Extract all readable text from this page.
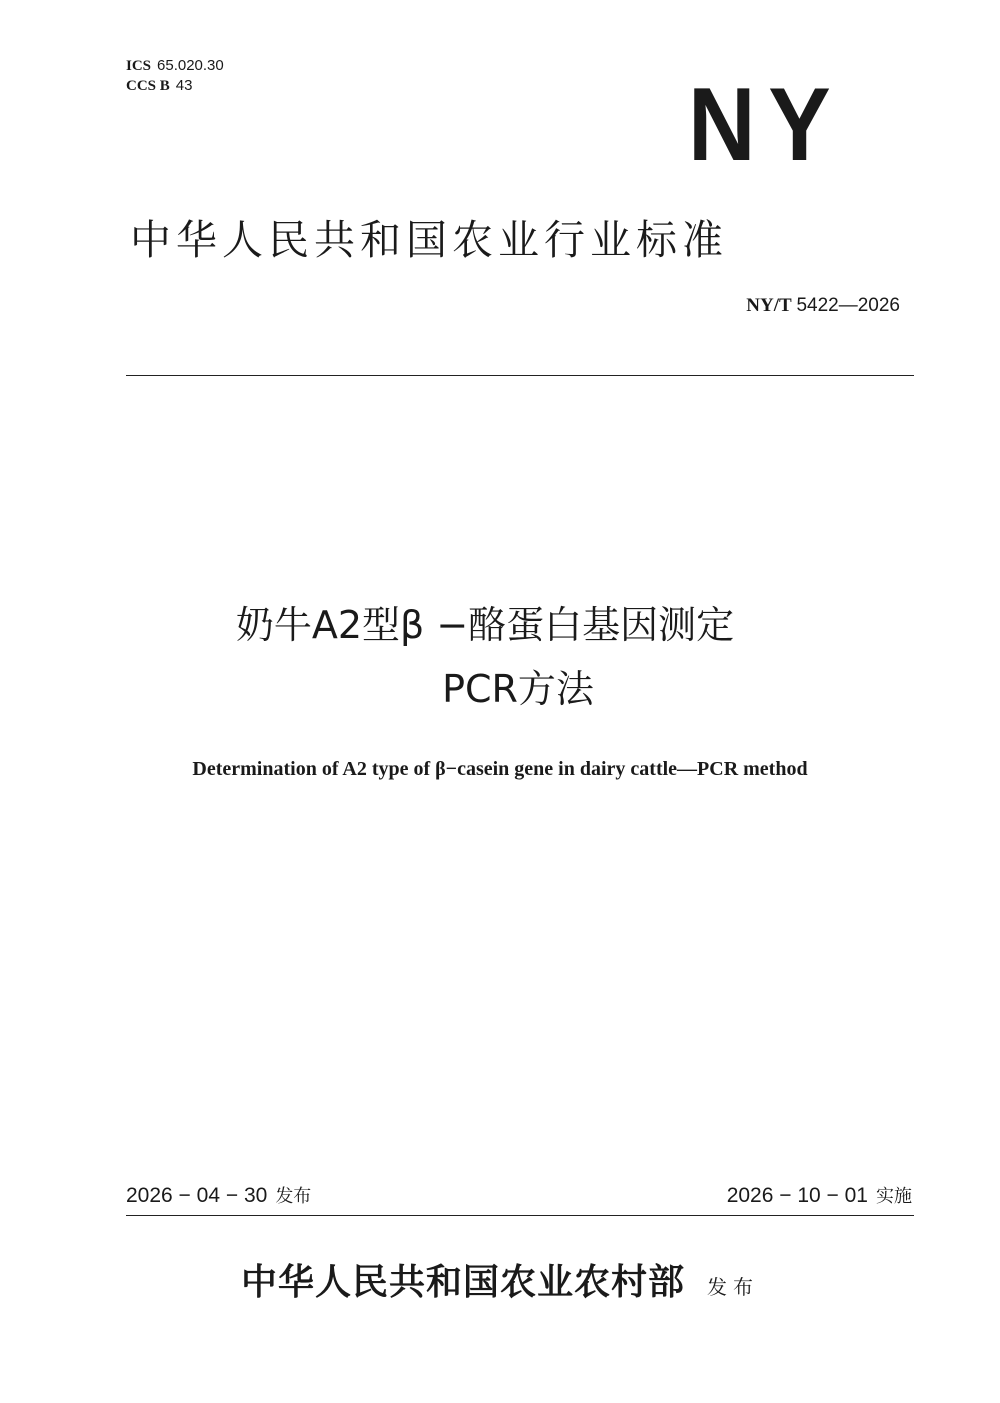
ICS 65.020.30
CCS B 43	NY
中华人民共和国农业行业标准
NY/T 5422—2026
奶牛A2型β −酪蛋白基因测定
PCR方法
Determination of A2 type of β−casein gene in dairy cattle—PCR method
2026 − 04 − 30 发布	2026 − 10 − 01 实施
中华人民共和国农业农村部 发布
